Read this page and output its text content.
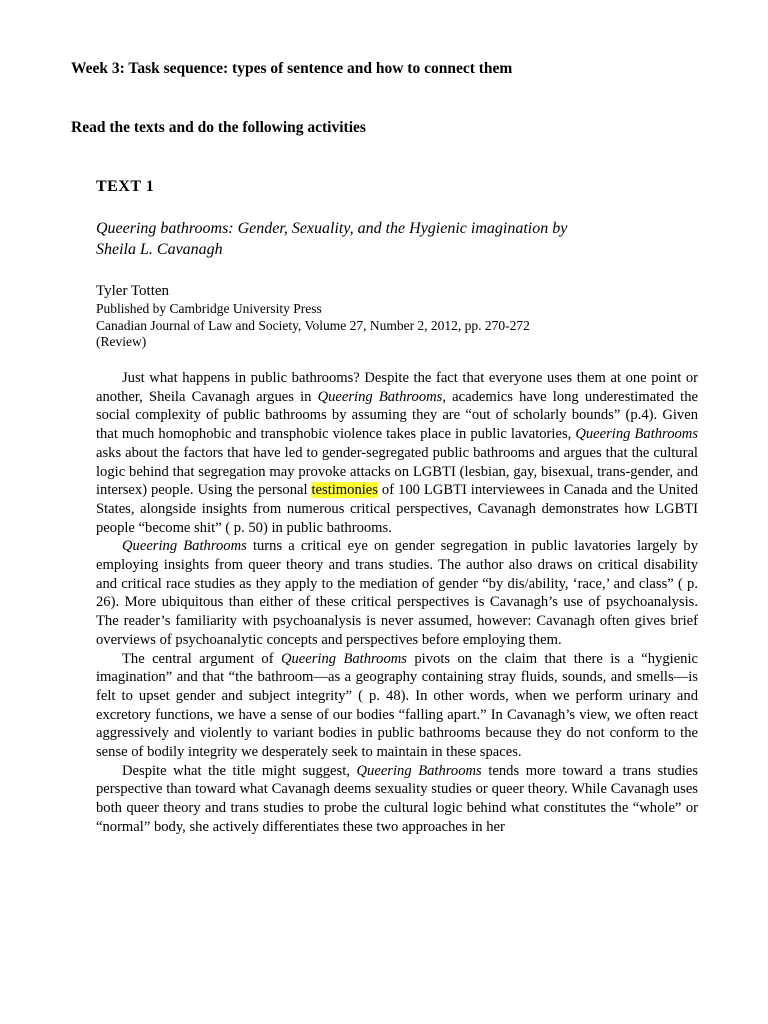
Week 3: Task sequence: types of sentence and how to connect them
Read the texts and do the following activities
TEXT 1
Queering bathrooms: Gender, Sexuality, and the Hygienic imagination by
Sheila L. Cavanagh
Tyler Totten
Published by Cambridge University Press
Canadian Journal of Law and Society, Volume 27, Number 2, 2012, pp. 270-272
(Review)

Just what happens in public bathrooms? Despite the fact that everyone uses them at one point or another, Sheila Cavanagh argues in Queering Bathrooms, academics have long underestimated the social complexity of public bathrooms by assuming they are “out of scholarly bounds” (p.4). Given that much homophobic and transphobic violence takes place in public lavatories, Queering Bathrooms asks about the factors that have led to gender-segregated public bathrooms and argues that the cultural logic behind that segregation may provoke attacks on LGBTI (lesbian, gay, bisexual, trans-gender, and intersex) people. Using the personal testimonies of 100 LGBTI interviewees in Canada and the United States, alongside insights from numerous critical perspectives, Cavanagh demonstrates how LGBTI people “become shit” ( p. 50) in public bathrooms.

Queering Bathrooms turns a critical eye on gender segregation in public lavatories largely by employing insights from queer theory and trans studies. The author also draws on critical disability and critical race studies as they apply to the mediation of gender “by dis/ability, ‘race,’ and class” ( p. 26). More ubiquitous than either of these critical perspectives is Cavanagh’s use of psychoanalysis. The reader’s familiarity with psychoanalysis is never assumed, however: Cavanagh often gives brief overviews of psychoanalytic concepts and perspectives before employing them.

The central argument of Queering Bathrooms pivots on the claim that there is a “hygienic imagination” and that “the bathroom—as a geography containing stray fluids, sounds, and smells—is felt to upset gender and subject integrity” ( p. 48). In other words, when we perform urinary and excretory functions, we have a sense of our bodies “falling apart.” In Cavanagh’s view, we often react aggressively and violently to variant bodies in public bathrooms because they do not conform to the sense of bodily integrity we desperately seek to maintain in these spaces.

Despite what the title might suggest, Queering Bathrooms tends more toward a trans studies perspective than toward what Cavanagh deems sexuality studies or queer theory. While Cavanagh uses both queer theory and trans studies to probe the cultural logic behind what constitutes the “whole” or “normal” body, she actively differentiates these two approaches in her
